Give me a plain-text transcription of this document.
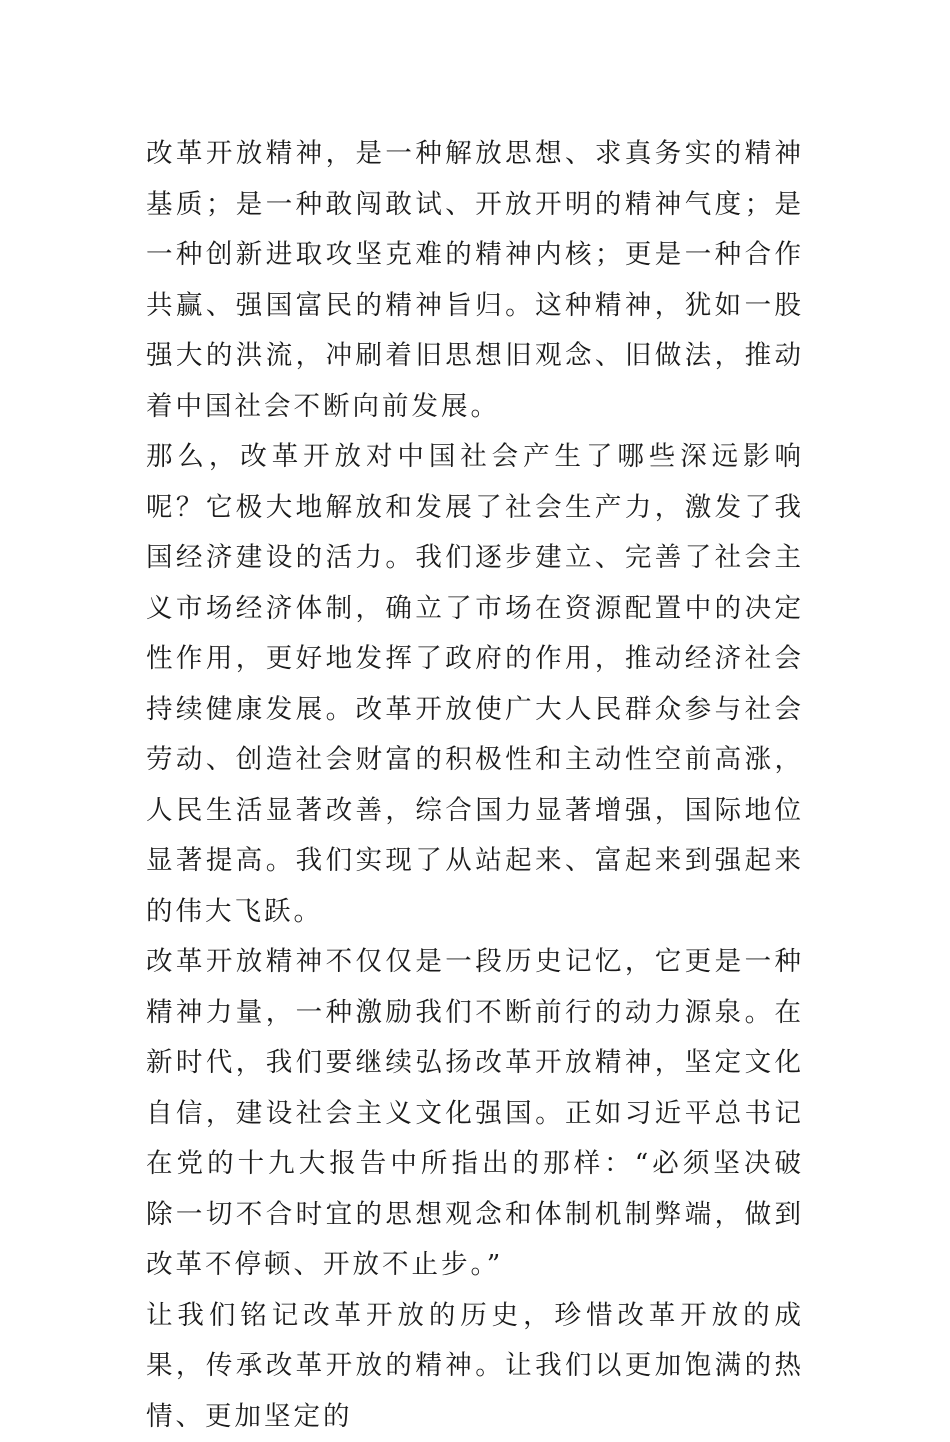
改革开放精神，是一种解放思想、求真务实的精神基质；是一种敢闯敢试、开放开明的精神气度；是一种创新进取攻坚克难的精神内核；更是一种合作共赢、强国富民的精神旨归。这种精神，犹如一股强大的洪流，冲刷着旧思想旧观念、旧做法，推动着中国社会不断向前发展。

那么，改革开放对中国社会产生了哪些深远影响呢？它极大地解放和发展了社会生产力，激发了我国经济建设的活力。我们逐步建立、完善了社会主义市场经济体制，确立了市场在资源配置中的决定性作用，更好地发挥了政府的作用，推动经济社会持续健康发展。改革开放使广大人民群众参与社会劳动、创造社会财富的积极性和主动性空前高涨，人民生活显著改善，综合国力显著增强，国际地位显著提高。我们实现了从站起来、富起来到强起来的伟大飞跃。

改革开放精神不仅仅是一段历史记忆，它更是一种精神力量，一种激励我们不断前行的动力源泉。在新时代，我们要继续弘扬改革开放精神，坚定文化自信，建设社会主义文化强国。正如习近平总书记在党的十九大报告中所指出的那样：“必须坚决破除一切不合时宜的思想观念和体制机制弊端，做到改革不停顿、开放不止步。”

让我们铭记改革开放的历史，珍惜改革开放的成果，传承改革开放的精神。让我们以更加饱满的热情、更加坚定的
